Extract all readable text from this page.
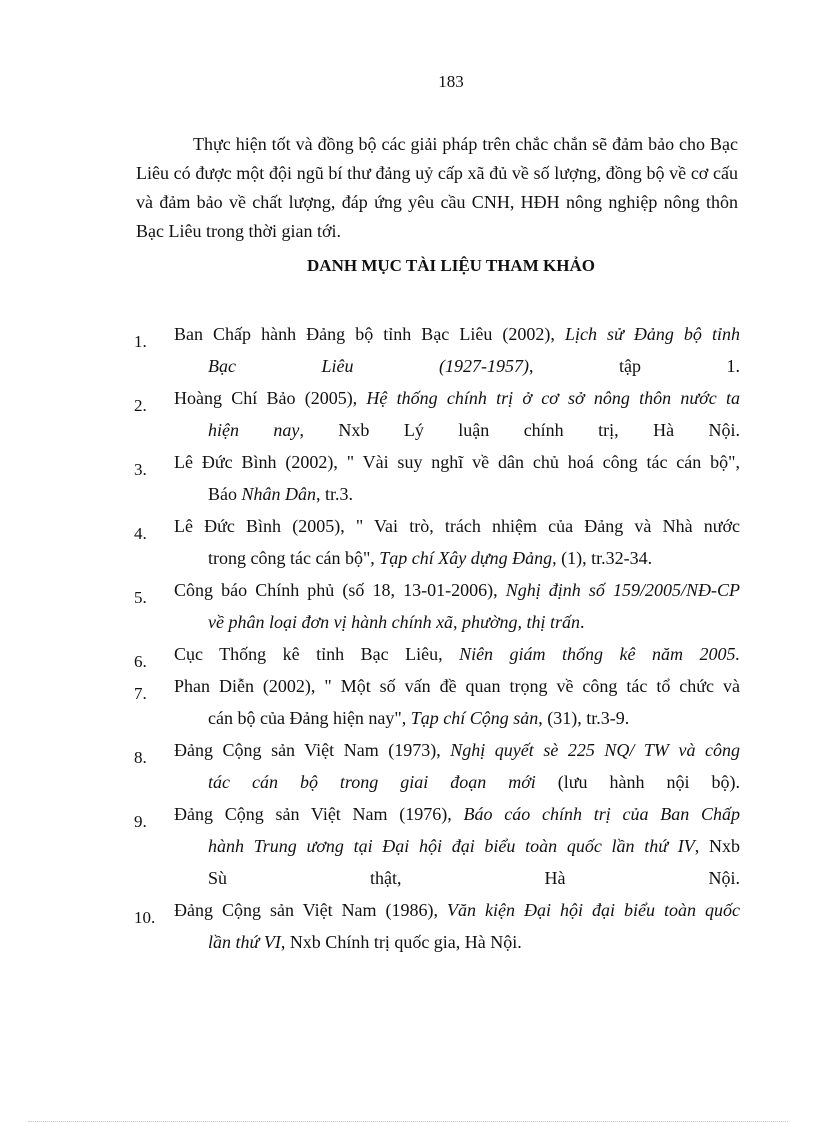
183

Thực hiện tốt và đồng bộ các giải pháp trên chắc chắn sẽ đảm bảo cho Bạc Liêu có được một đội ngũ bí thư đảng uỷ cấp xã đủ về số lượng, đồng bộ về cơ cấu và đảm bảo về chất lượng, đáp ứng yêu cầu CNH, HĐH nông nghiệp nông thôn Bạc Liêu trong thời gian tới.

DANH MỤC TÀI LIỆU THAM KHẢO
1.	Ban Chấp hành Đảng bộ tỉnh Bạc Liêu (2002), Lịch sử Đảng bộ tỉnh
Bạc Liêu (1927-1957), tập 1.
2.	Hoàng Chí Bảo (2005), Hệ thống chính trị ở cơ sở nông thôn nước ta
hiện nay, Nxb Lý luận chính trị, Hà Nội.
3.	Lê Đức Bình (2002), " Vài suy nghĩ về dân chủ hoá công tác cán bộ",
Báo Nhân Dân, tr.3.
4.	Lê Đức Bình (2005), " Vai trò, trách nhiệm của Đảng và Nhà nước
trong công tác cán bộ", Tạp chí Xây dựng Đảng, (1), tr.32-34.
5.	Công báo Chính phủ (số 18, 13-01-2006), Nghị định số 159/2005/NĐ-CP
về phân loại đơn vị hành chính xã, phường, thị trấn.
6.	Cục Thống kê tỉnh Bạc Liêu, Niên giám thống kê năm 2005.
7.	Phan Diễn (2002), " Một số vấn đề quan trọng về công tác tổ chức và
cán bộ của Đảng hiện nay", Tạp chí Cộng sản, (31), tr.3-9.
8.	Đảng Cộng sản Việt Nam (1973), Nghị quyết sè 225 NQ/ TW và công
tác cán bộ trong giai đoạn mới (lưu hành nội bộ).
9.	Đảng Cộng sản Việt Nam (1976), Báo cáo chính trị của Ban Chấp
hành Trung ương tại Đại hội đại biểu toàn quốc lần thứ IV, Nxb
Sù thật, Hà Nội.
10.	Đảng Cộng sản Việt Nam (1986), Văn kiện Đại hội đại biểu toàn quốc
lần thứ VI, Nxb Chính trị quốc gia, Hà Nội.
